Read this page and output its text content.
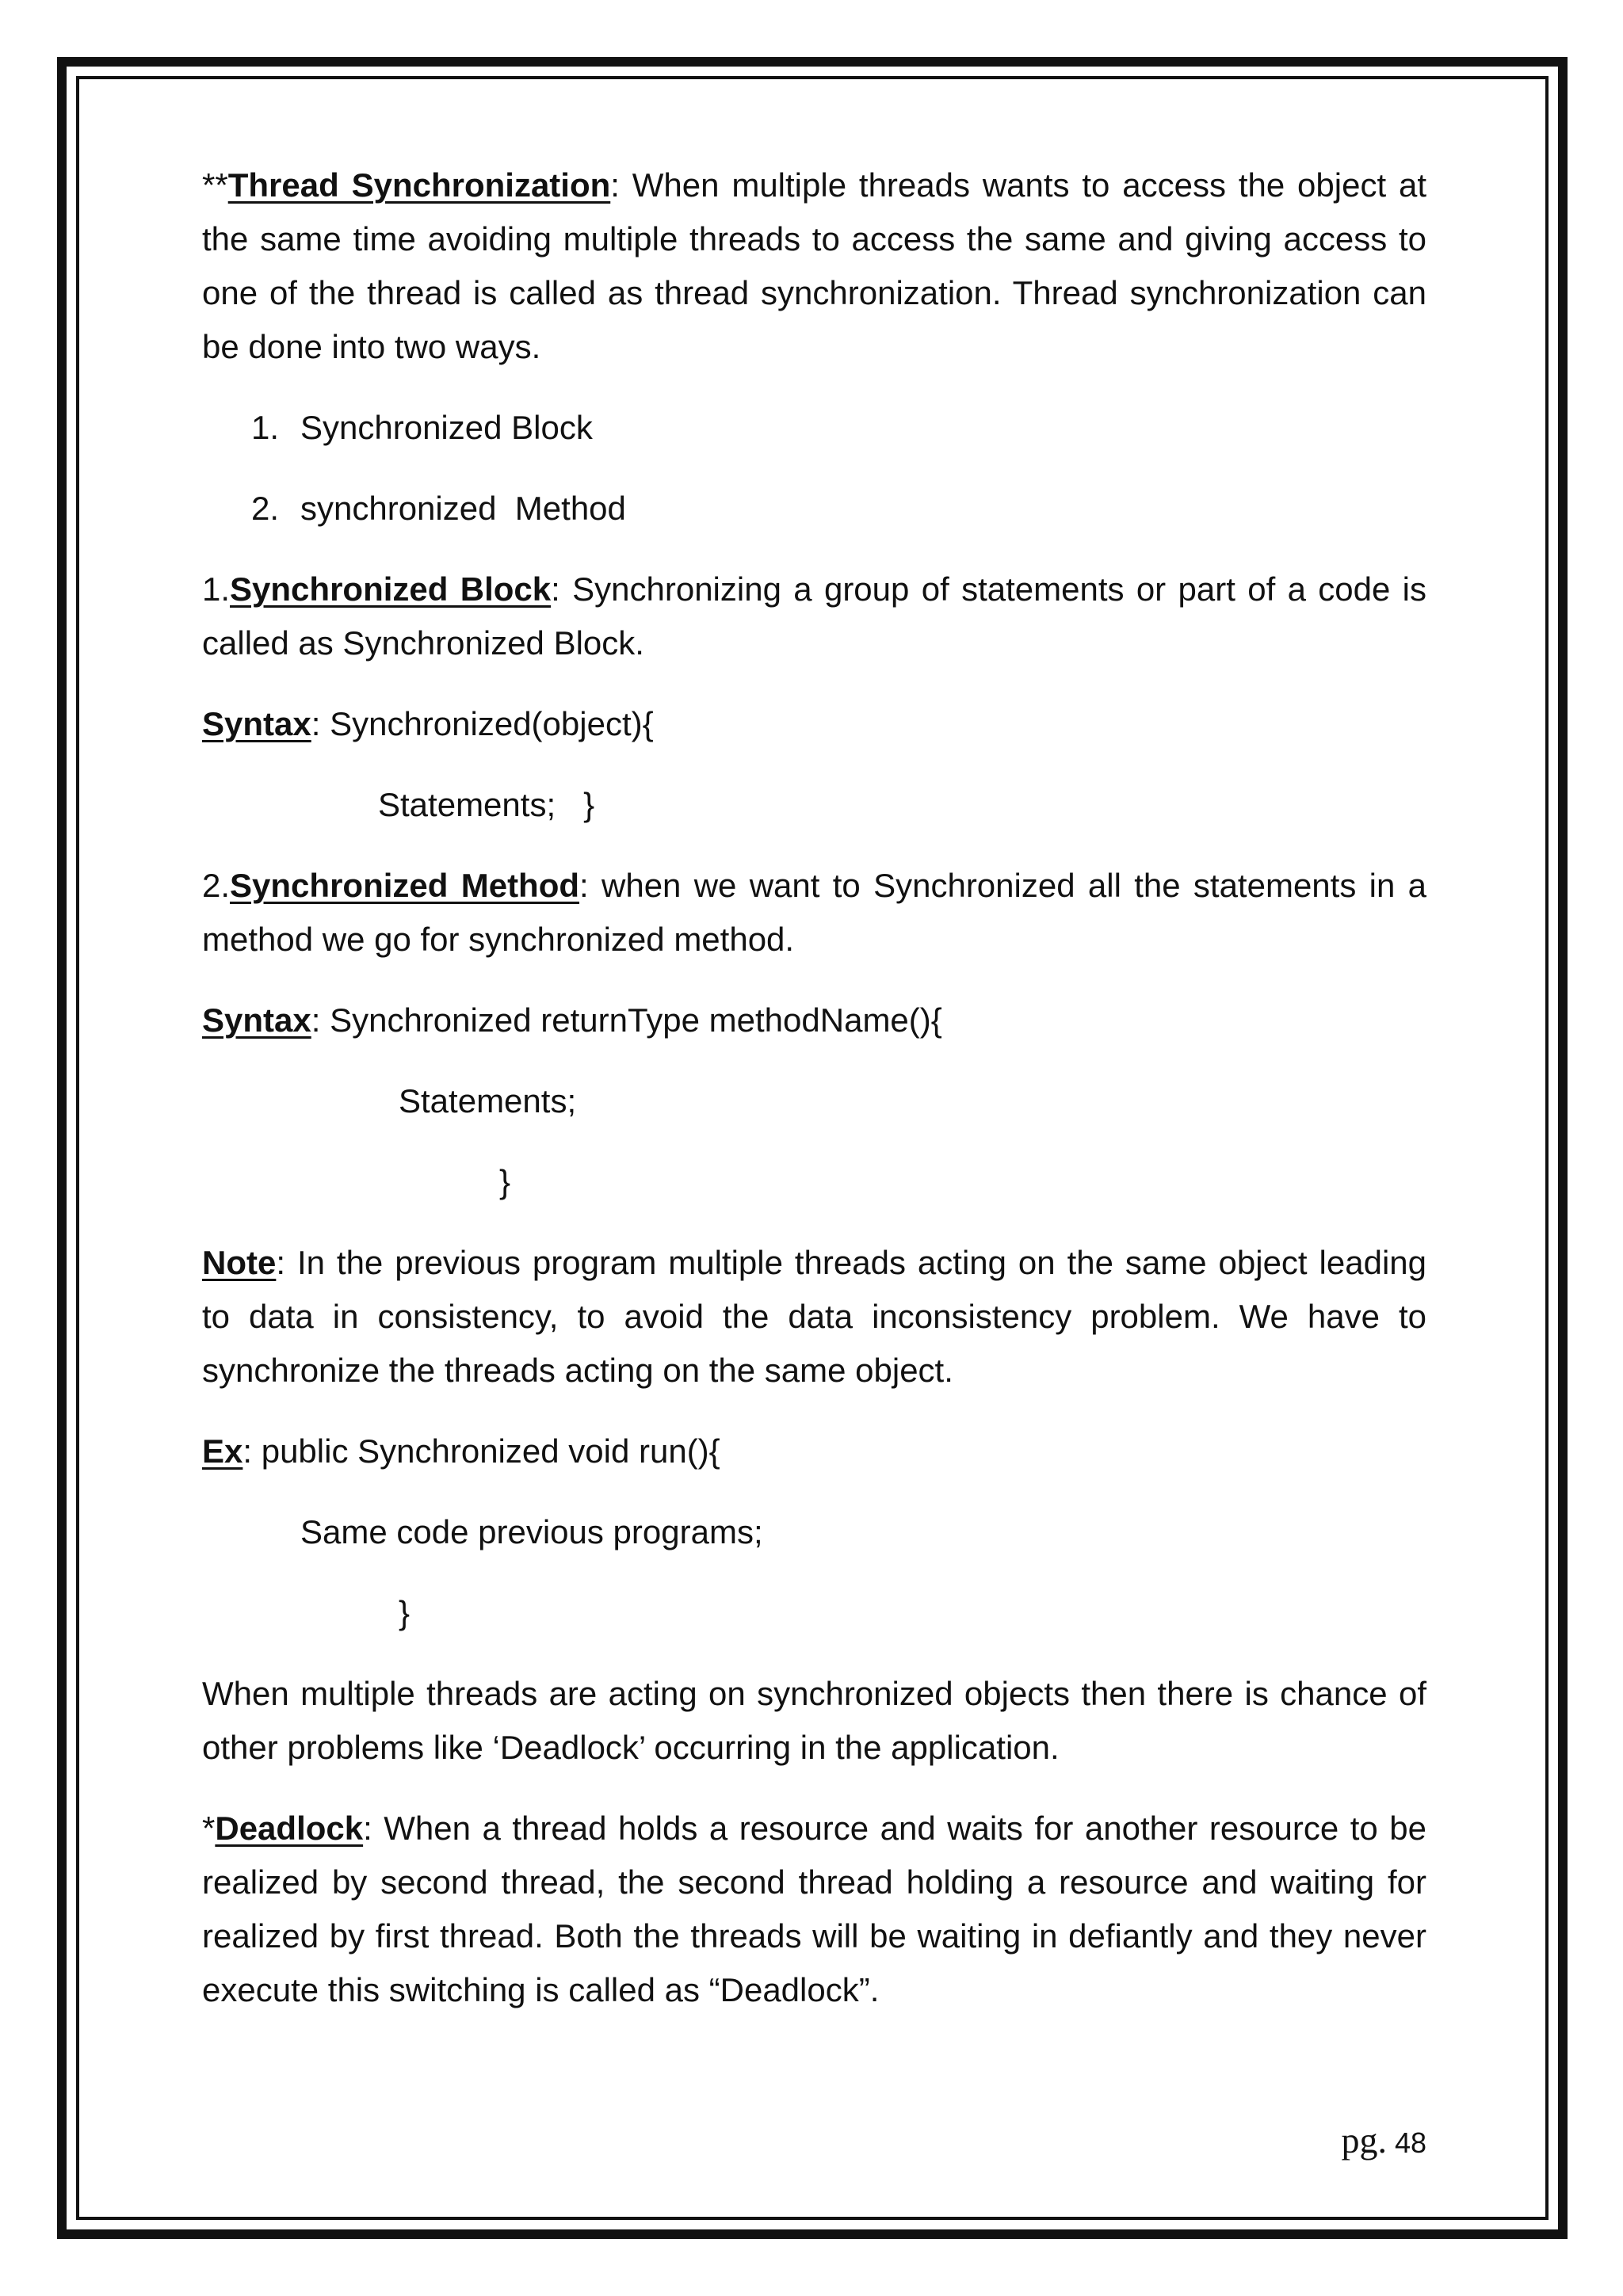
**Thread Synchronization: When multiple threads wants to access the object at the same time avoiding multiple threads to access the same and giving access to one of the thread is called as thread synchronization. Thread synchronization can be done into two ways.

1. Synchronized Block
2. synchronized  Method

1.Synchronized Block: Synchronizing a group of statements or part of a code is called as Synchronized Block.

Syntax: Synchronized(object){

Statements;   }

2.Synchronized Method: when we want to Synchronized all the statements in a method we go for synchronized method.

Syntax: Synchronized returnType methodName(){

Statements;

}

Note: In the previous program multiple threads acting on the same object leading to data in consistency, to avoid the data inconsistency problem. We have to synchronize the threads acting on the same object.

Ex: public Synchronized void run(){

Same code previous programs;

}

When multiple threads are acting on synchronized objects then there is chance of other problems like ‘Deadlock’ occurring in the application.

*Deadlock: When a thread holds a resource and waits for another resource to be realized by second thread, the second thread holding a resource and waiting for realized by first thread. Both the threads will be waiting in defiantly and they never execute this switching is called as “Deadlock”.

pg. 48
